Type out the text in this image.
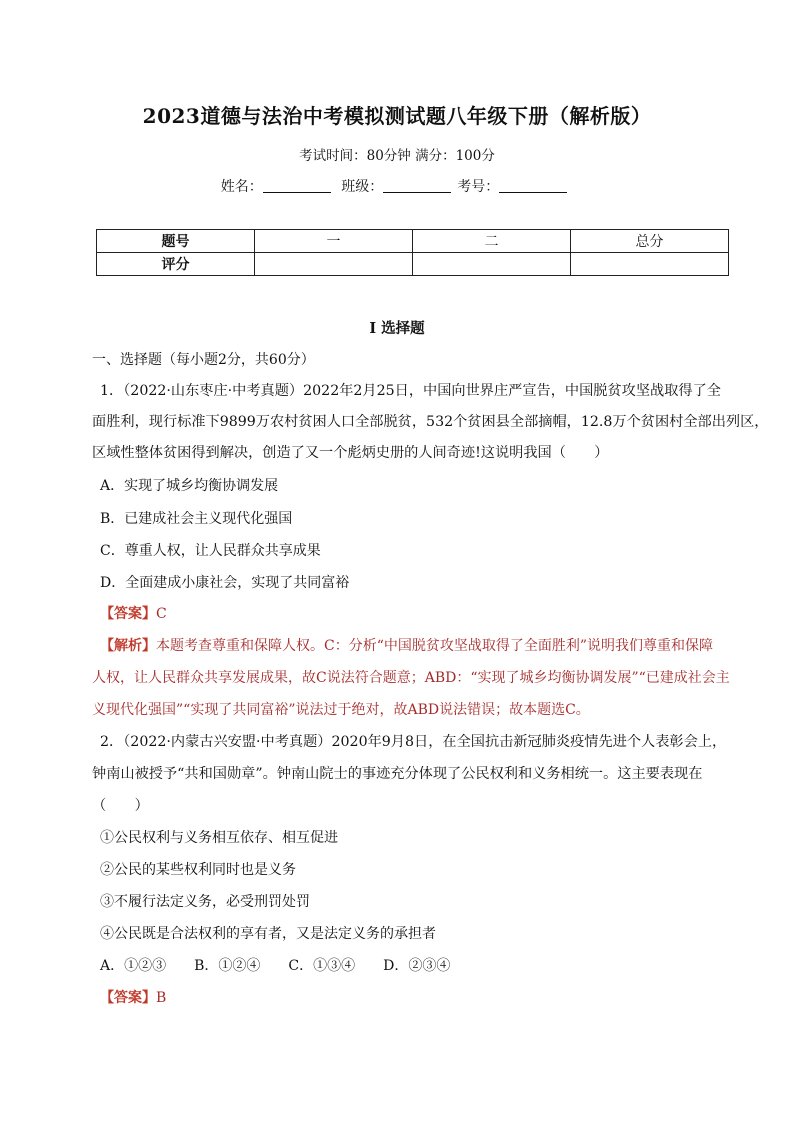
2023道德与法治中考模拟测试题八年级下册（解析版）
考试时间：80分钟 满分：100分
姓名：	班级：	考号：
题号	一	二	总分
评分			
I 选择题
一、选择题（每小题2分，共60分）
1．（2022·山东枣庄·中考真题）2022年2月25日，中国向世界庄严宣告，中国脱贫攻坚战取得了全
面胜利，现行标准下9899万农村贫困人口全部脱贫，532个贫困县全部摘帽，12.8万个贫困村全部出列区，
区域性整体贫困得到解决，创造了又一个彪炳史册的人间奇迹!这说明我国（　　）
A．实现了城乡均衡协调发展
B．已建成社会主义现代化强国
C．尊重人权，让人民群众共享成果
D．全面建成小康社会，实现了共同富裕
【答案】C
【解析】本题考查尊重和保障人权。C：分析“中国脱贫攻坚战取得了全面胜利”说明我们尊重和保障
人权，让人民群众共享发展成果，故C说法符合题意；ABD：“实现了城乡均衡协调发展”“已建成社会主
义现代化强国”“实现了共同富裕”说法过于绝对，故ABD说法错误；故本题选C。
2．（2022·内蒙古兴安盟·中考真题）2020年9月8日，在全国抗击新冠肺炎疫情先进个人表彰会上，
钟南山被授予“共和国勋章”。钟南山院士的事迹充分体现了公民权利和义务相统一。这主要表现在
（　　）
①公民权利与义务相互依存、相互促进
②公民的某些权利同时也是义务
③不履行法定义务，必受刑罚处罚
④公民既是合法权利的享有者，又是法定义务的承担者
A．①②③　　B．①②④　　C．①③④　　D．②③④
【答案】B
